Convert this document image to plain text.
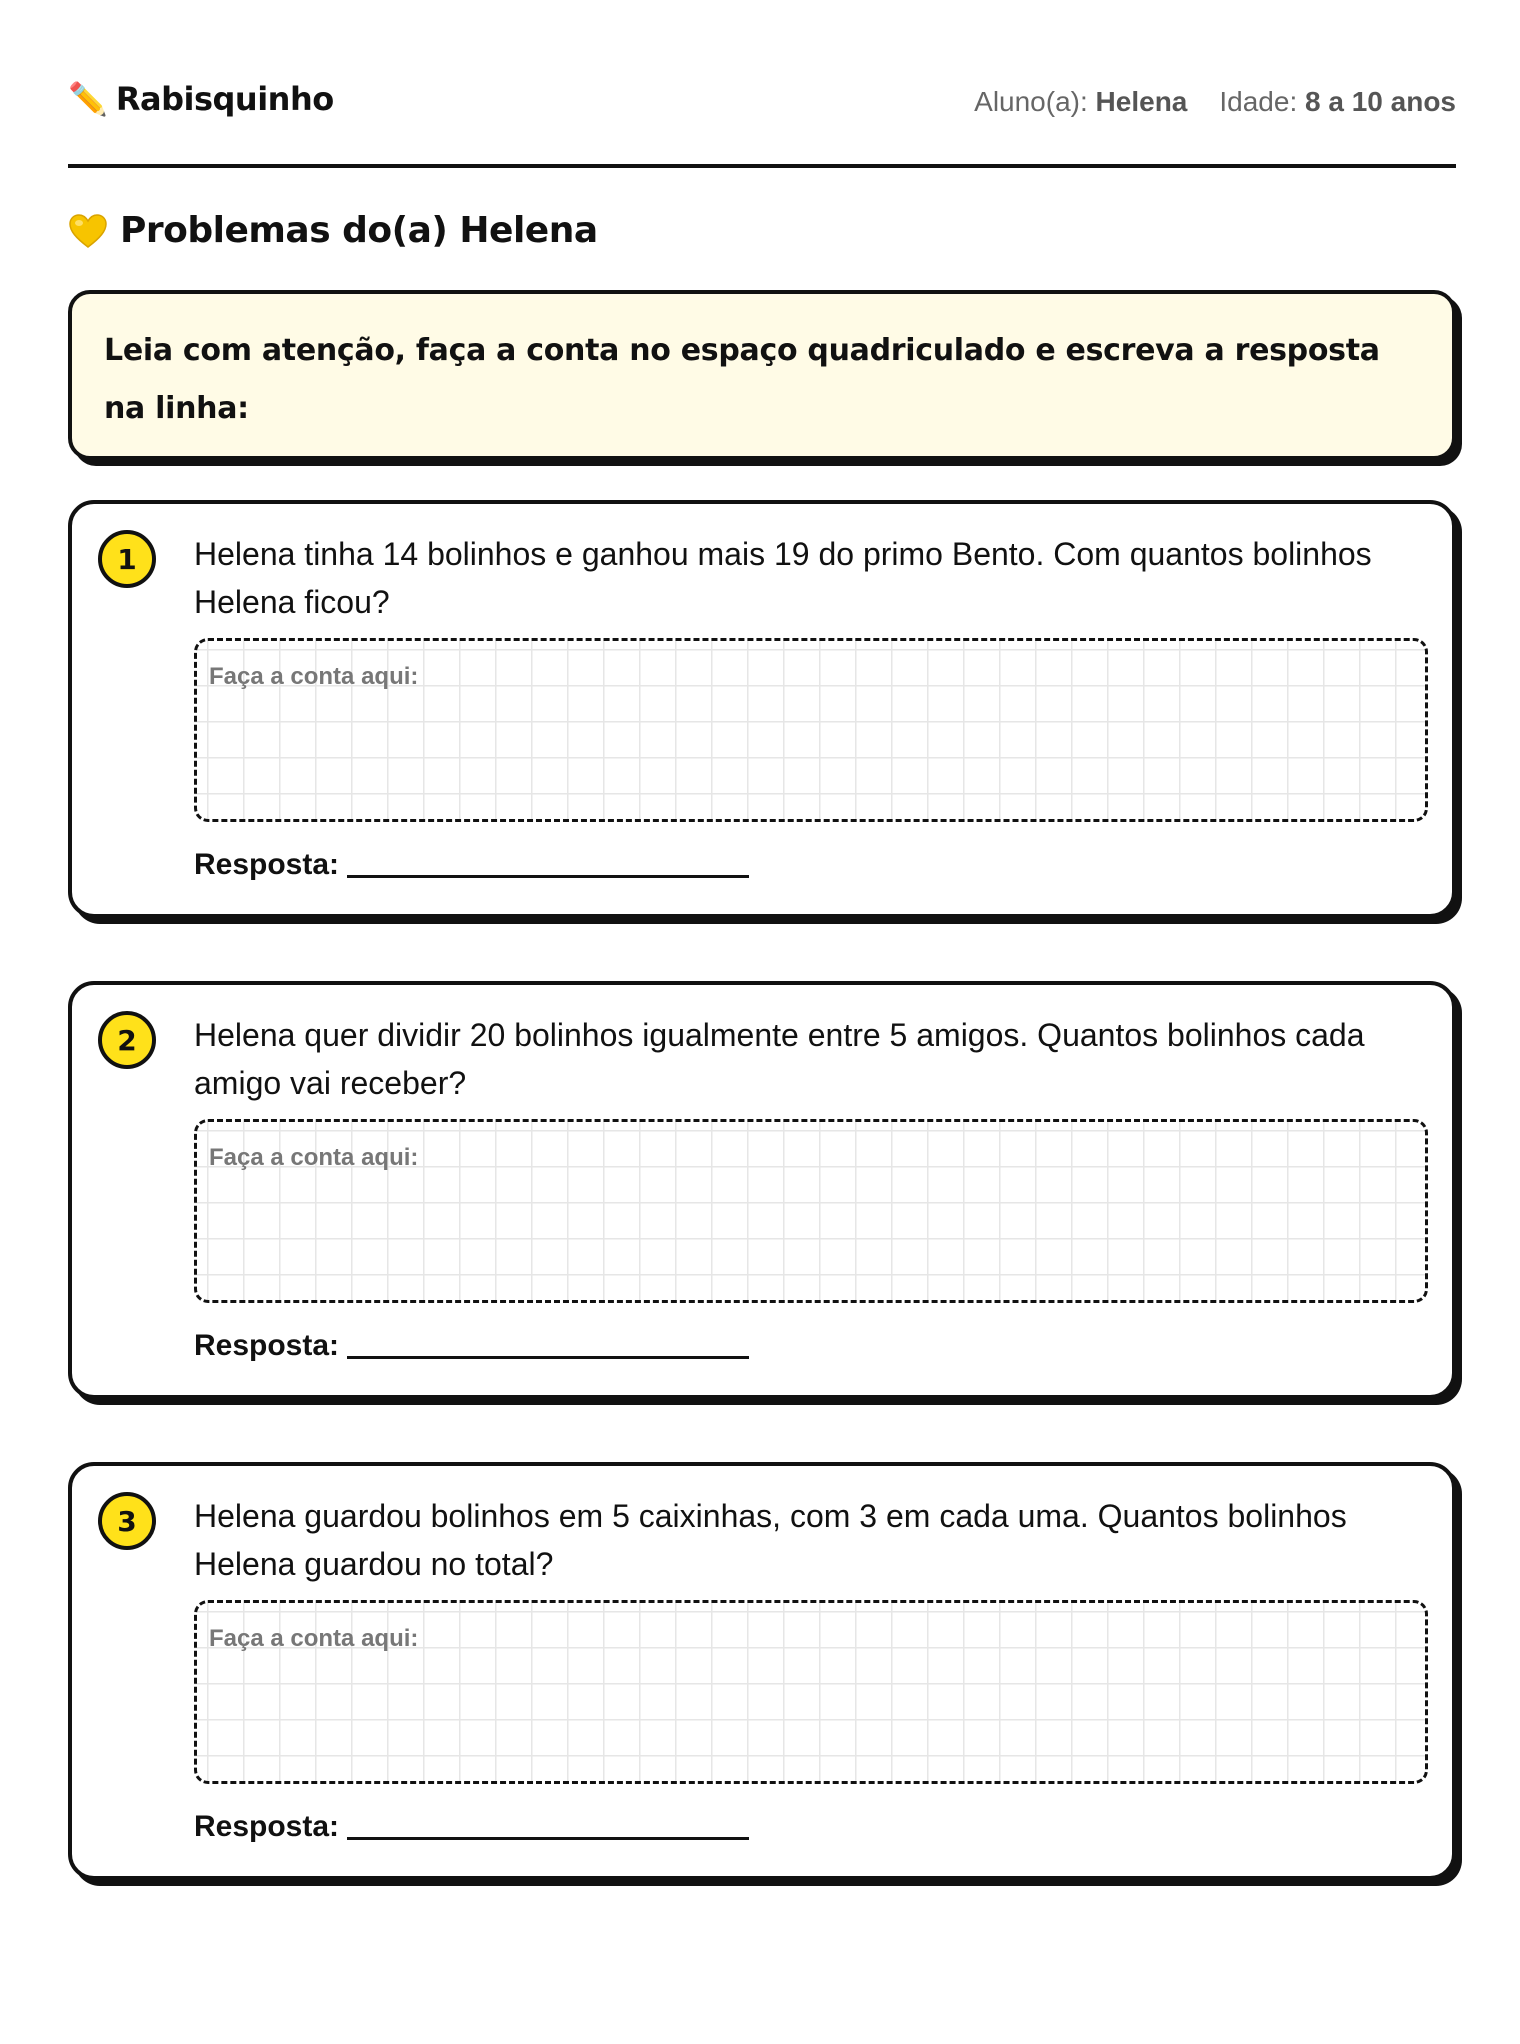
✏️ Rabisquinho	Aluno(a): Helena Idade: 8 a 10 anos
Problemas do(a) Helena
Leia com atenção, faça a conta no espaço quadriculado e escreva a resposta na linha:
1	Helena tinha 14 bolinhos e ganhou mais 19 do primo Bento. Com quantos bolinhos Helena ficou?
Faça a conta aqui:
Resposta:
2	Helena quer dividir 20 bolinhos igualmente entre 5 amigos. Quantos bolinhos cada amigo vai receber?
Faça a conta aqui:
Resposta:
3	Helena guardou bolinhos em 5 caixinhas, com 3 em cada uma. Quantos bolinhos Helena guardou no total?
Faça a conta aqui:
Resposta:
